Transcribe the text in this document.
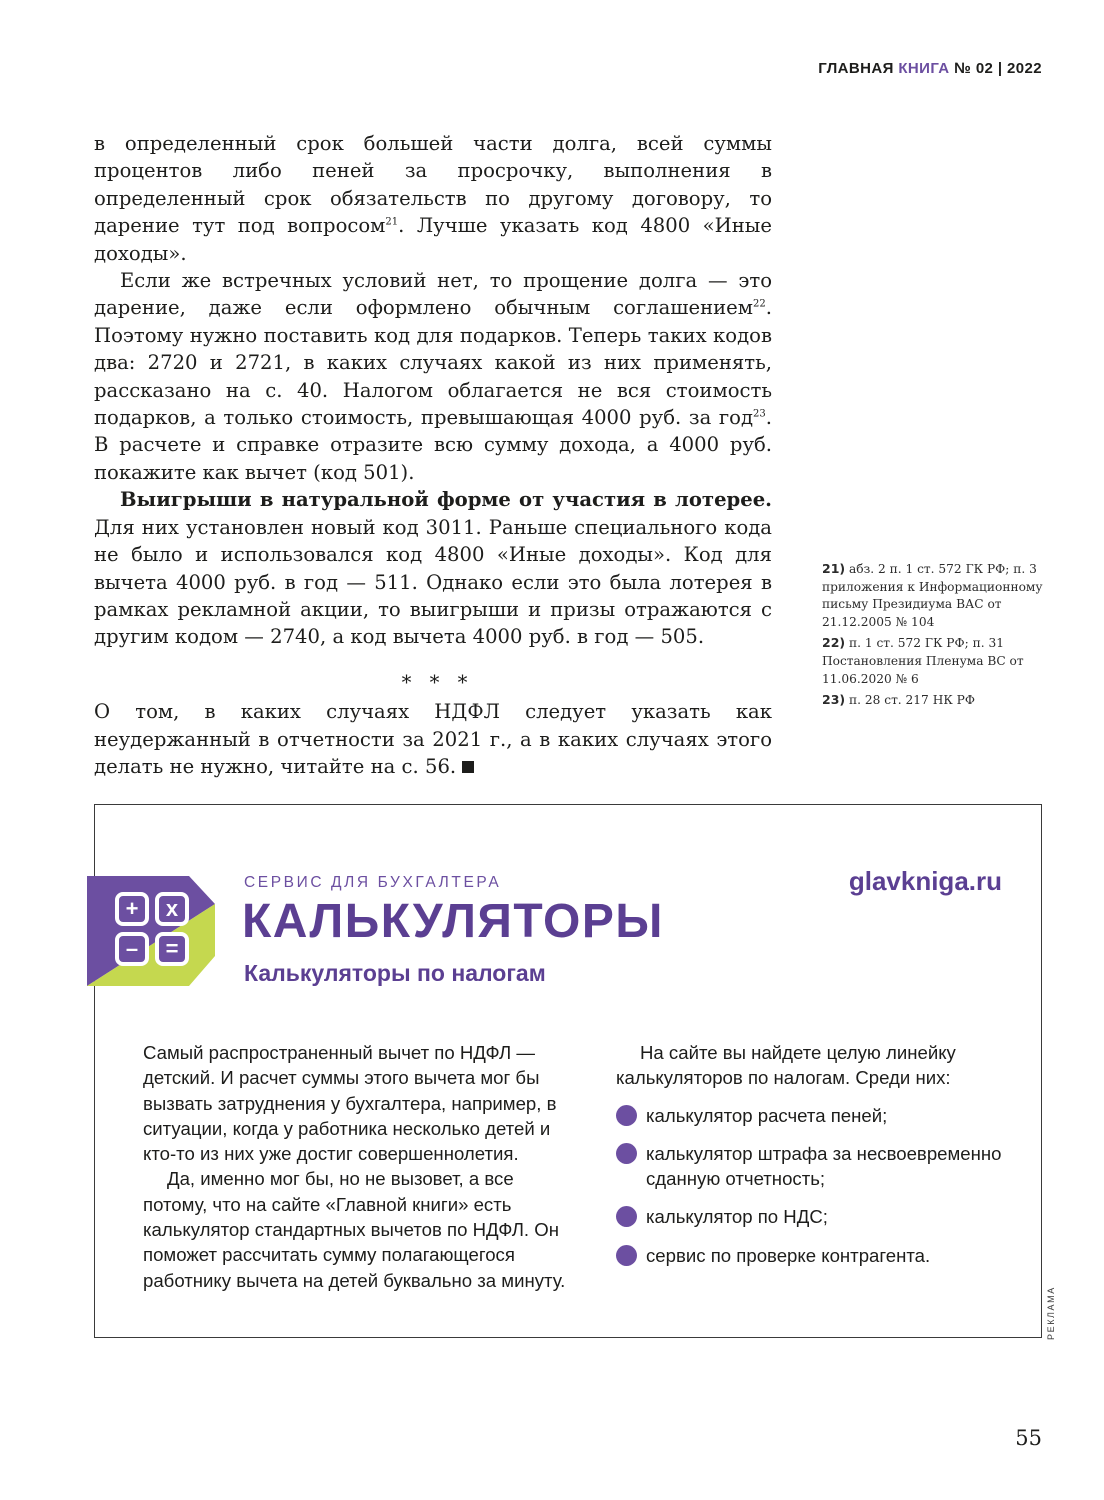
ГЛАВНАЯ КНИГА № 02 | 2022

в определенный срок большей части долга, всей суммы процентов либо пеней за просрочку, выполнения в определенный срок обязательств по другому договору, то дарение тут под вопросом$^{21}$. Лучше указать код 4800 «Иные доходы».

Если же встречных условий нет, то прощение долга — это дарение, даже если оформлено обычным соглашением$^{22}$. Поэтому нужно поставить код для подарков. Теперь таких кодов два: 2720 и 2721, в каких случаях какой из них применять, рассказано на с. 40. Налогом облагается не вся стоимость подарков, а только стоимость, превышающая 4000 руб. за год$^{23}$. В расчете и справке отразите всю сумму дохода, а 4000 руб. покажите как вычет (код 501).

Выигрыши в натуральной форме от участия в лотерее. Для них установлен новый код 3011. Раньше специального кода не было и использовался код 4800 «Иные доходы». Код для вычета 4000 руб. в год — 511. Однако если это была лотерея в рамках рекламной акции, то выигрыши и призы отражаются с другим кодом — 2740, а код вычета 4000 руб. в год — 505.

* * *

О том, в каких случаях НДФЛ следует указать как неудержанный в отчетности за 2021 г., а в каких случаях этого делать не нужно, читайте на с. 56.

21) абз. 2 п. 1 ст. 572 ГК РФ; п. 3 приложения к Информационному письму Президиума ВАС от 21.12.2005 № 104
22) п. 1 ст. 572 ГК РФ; п. 31 Постановления Пленума ВС от 11.06.2020 № 6
23) п. 28 ст. 217 НК РФ
+ x
– =
СЕРВИС ДЛЯ БУХГАЛТЕРА
КАЛЬКУЛЯТОРЫ
Калькуляторы по налогам
glavkniga.ru

Самый распространенный вычет по НДФЛ — детский. И расчет суммы этого вычета мог бы вызвать затруднения у бухгалтера, например, в ситуации, когда у работника несколько детей и кто-то из них уже достиг совершеннолетия.

Да, именно мог бы, но не вызовет, а все потому, что на сайте «Главной книги» есть калькулятор стандартных вычетов по НДФЛ. Он поможет рассчитать сумму полагающегося работнику вычета на детей буквально за минуту.

На сайте вы найдете целую линейку калькуляторов по налогам. Среди них:

калькулятор расчета пеней;
калькулятор штрафа за несвоевременно сданную отчетность;
калькулятор по НДС;
сервис по проверке контрагента.
РЕКЛАМА
55
